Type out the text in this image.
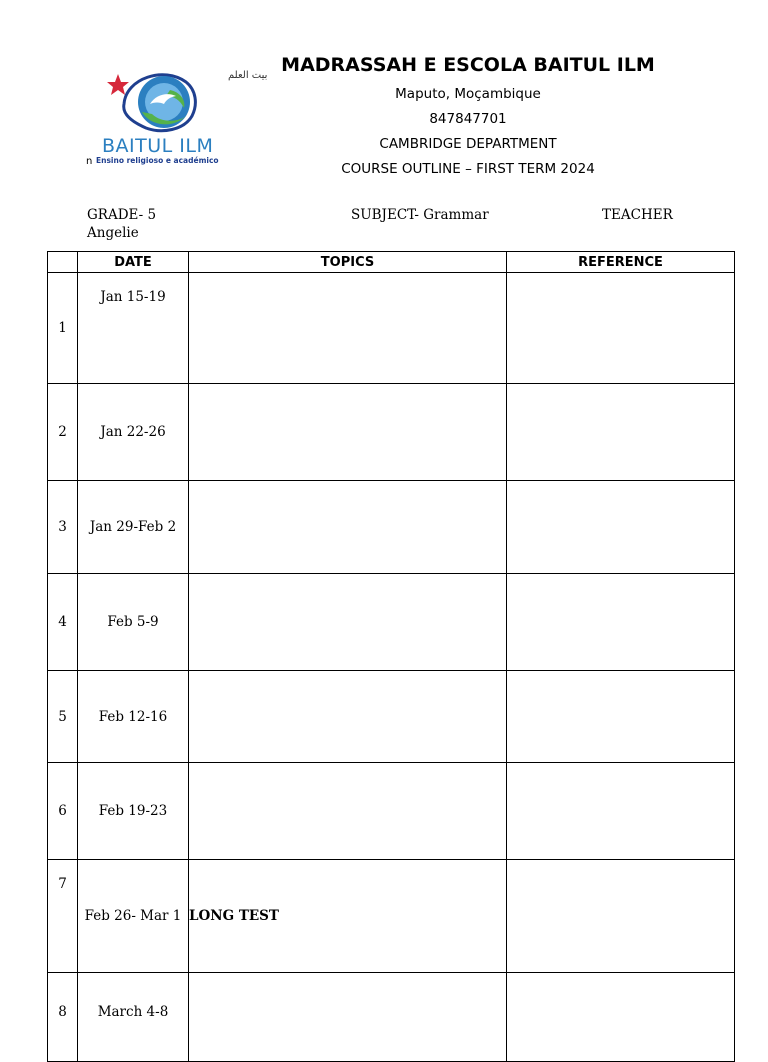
بيت العلم
BAITUL ILM
Ensino religioso e académico
n

MADRASSAH E ESCOLA BAITUL ILM

Maputo, Moçambique

847847701

CAMBRIDGE DEPARTMENT

COURSE OUTLINE – FIRST TERM 2024

GRADE- 5	SUBJECT- Grammar	TEACHER
Angelie
	DATE	TOPICS	REFERENCE
1	Jan 15-19		
2	Jan 22-26		
3	Jan 29-Feb 2		
4	Feb 5-9		
5	Feb 12-16		
6	Feb 19-23		
7	Feb 26- Mar 1	LONG TEST	
8	March 4-8		
